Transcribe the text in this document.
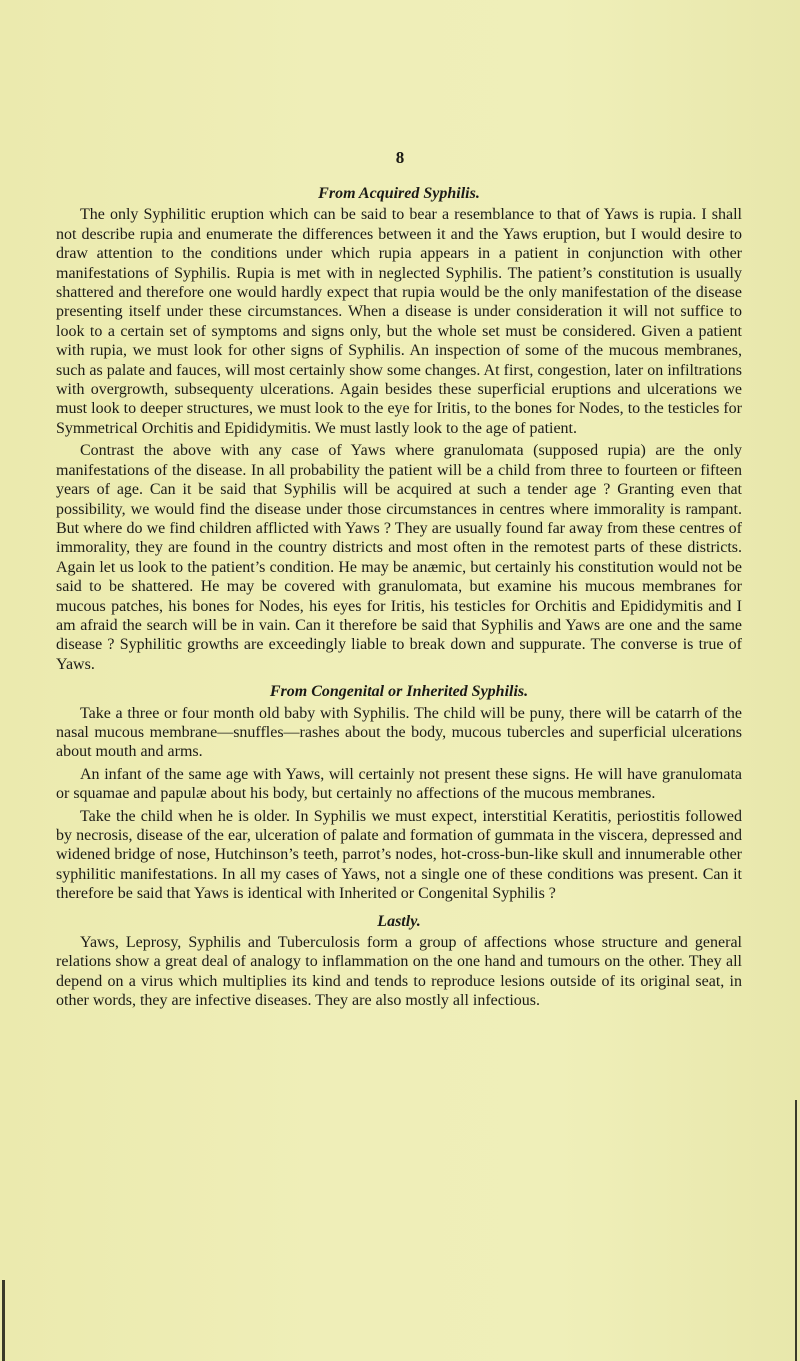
8

From Acquired Syphilis.

The only Syphilitic eruption which can be said to bear a resemblance to that of Yaws is rupia. I shall not describe rupia and enumerate the differences between it and the Yaws eruption, but I would desire to draw attention to the conditions under which rupia appears in a patient in conjunction with other manifestations of Syphilis. Rupia is met with in neglected Syphilis. The patient’s constitution is usually shattered and therefore one would hardly expect that rupia would be the only manifestation of the disease presenting itself under these circumstances. When a disease is under consideration it will not suffice to look to a certain set of symptoms and signs only, but the whole set must be considered. Given a patient with rupia, we must look for other signs of Syphilis. An inspection of some of the mucous membranes, such as palate and fauces, will most certainly show some changes. At first, congestion, later on infiltrations with overgrowth, subsequenty ulcerations. Again besides these superficial eruptions and ulcerations we must look to deeper structures, we must look to the eye for Iritis, to the bones for Nodes, to the testicles for Symmetrical Orchitis and Epididymitis. We must lastly look to the age of patient.

Contrast the above with any case of Yaws where granulomata (supposed rupia) are the only manifestations of the disease. In all probability the patient will be a child from three to fourteen or fifteen years of age. Can it be said that Syphilis will be acquired at such a tender age ? Granting even that possibility, we would find the disease under those circumstances in centres where immorality is rampant. But where do we find children afflicted with Yaws ? They are usually found far away from these centres of immorality, they are found in the country districts and most often in the remotest parts of these districts. Again let us look to the patient’s condition. He may be anæmic, but certainly his constitution would not be said to be shattered. He may be covered with granulomata, but examine his mucous membranes for mucous patches, his bones for Nodes, his eyes for Iritis, his testicles for Orchitis and Epididymitis and I am afraid the search will be in vain. Can it therefore be said that Syphilis and Yaws are one and the same disease ? Syphilitic growths are exceedingly liable to break down and suppurate. The converse is true of Yaws.

From Congenital or Inherited Syphilis.

Take a three or four month old baby with Syphilis. The child will be puny, there will be catarrh of the nasal mucous membrane—snuffles—rashes about the body, mucous tubercles and superficial ulcerations about mouth and arms.

An infant of the same age with Yaws, will certainly not present these signs. He will have granulomata or squamae and papulæ about his body, but certainly no affections of the mucous membranes.

Take the child when he is older. In Syphilis we must expect, interstitial Keratitis, periostitis followed by necrosis, disease of the ear, ulceration of palate and formation of gummata in the viscera, depressed and widened bridge of nose, Hutchinson’s teeth, parrot’s nodes, hot-cross-bun-like skull and innumerable other syphilitic manifestations. In all my cases of Yaws, not a single one of these conditions was present. Can it therefore be said that Yaws is identical with Inherited or Congenital Syphilis ?

Lastly.

Yaws, Leprosy, Syphilis and Tuberculosis form a group of affections whose structure and general relations show a great deal of analogy to inflammation on the one hand and tumours on the other. They all depend on a virus which multiplies its kind and tends to reproduce lesions outside of its original seat, in other words, they are infective diseases. They are also mostly all infectious.
